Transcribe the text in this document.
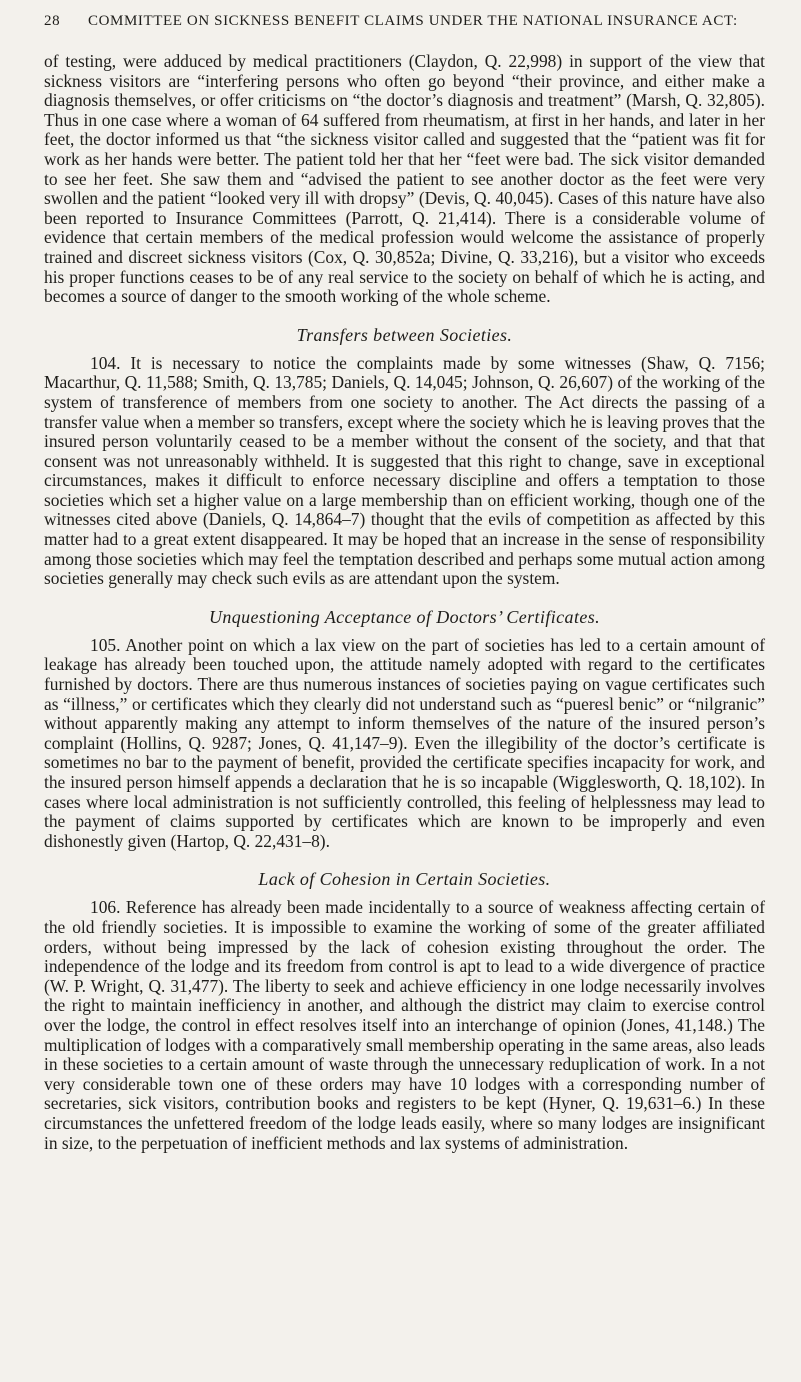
28 COMMITTEE ON SICKNESS BENEFIT CLAIMS UNDER THE NATIONAL INSURANCE ACT:

of testing, were adduced by medical practitioners (Claydon, Q. 22,998) in support of the view that sickness visitors are “interfering persons who often go beyond “their province, and either make a diagnosis themselves, or offer criticisms on “the doctor’s diagnosis and treatment” (Marsh, Q. 32,805). Thus in one case where a woman of 64 suffered from rheumatism, at first in her hands, and later in her feet, the doctor informed us that “the sickness visitor called and suggested that the “patient was fit for work as her hands were better. The patient told her that her “feet were bad. The sick visitor demanded to see her feet. She saw them and “advised the patient to see another doctor as the feet were very swollen and the patient “looked very ill with dropsy” (Devis, Q. 40,045). Cases of this nature have also been reported to Insurance Committees (Parrott, Q. 21,414). There is a considerable volume of evidence that certain members of the medical profession would welcome the assistance of properly trained and discreet sickness visitors (Cox, Q. 30,852a; Divine, Q. 33,216), but a visitor who exceeds his proper functions ceases to be of any real service to the society on behalf of which he is acting, and becomes a source of danger to the smooth working of the whole scheme.

Transfers between Societies.

104. It is necessary to notice the complaints made by some witnesses (Shaw, Q. 7156; Macarthur, Q. 11,588; Smith, Q. 13,785; Daniels, Q. 14,045; Johnson, Q. 26,607) of the working of the system of transference of members from one society to another. The Act directs the passing of a transfer value when a member so transfers, except where the society which he is leaving proves that the insured person voluntarily ceased to be a member without the consent of the society, and that that consent was not unreasonably withheld. It is suggested that this right to change, save in exceptional circumstances, makes it difficult to enforce necessary discipline and offers a temptation to those societies which set a higher value on a large membership than on efficient working, though one of the witnesses cited above (Daniels, Q. 14,864–7) thought that the evils of competition as affected by this matter had to a great extent disappeared. It may be hoped that an increase in the sense of responsibility among those societies which may feel the temptation described and perhaps some mutual action among societies generally may check such evils as are attendant upon the system.

Unquestioning Acceptance of Doctors’ Certificates.

105. Another point on which a lax view on the part of societies has led to a certain amount of leakage has already been touched upon, the attitude namely adopted with regard to the certificates furnished by doctors. There are thus numerous instances of societies paying on vague certificates such as “illness,” or certificates which they clearly did not understand such as “pueresl benic” or “nilgranic” without apparently making any attempt to inform themselves of the nature of the insured person’s complaint (Hollins, Q. 9287; Jones, Q. 41,147–9). Even the illegibility of the doctor’s certificate is sometimes no bar to the payment of benefit, provided the certificate specifies incapacity for work, and the insured person himself appends a declaration that he is so incapable (Wigglesworth, Q. 18,102). In cases where local administration is not sufficiently controlled, this feeling of helplessness may lead to the payment of claims supported by certificates which are known to be improperly and even dishonestly given (Hartop, Q. 22,431–8).

Lack of Cohesion in Certain Societies.

106. Reference has already been made incidentally to a source of weakness affecting certain of the old friendly societies. It is impossible to examine the working of some of the greater affiliated orders, without being impressed by the lack of cohesion existing throughout the order. The independence of the lodge and its freedom from control is apt to lead to a wide divergence of practice (W. P. Wright, Q. 31,477). The liberty to seek and achieve efficiency in one lodge necessarily involves the right to maintain inefficiency in another, and although the district may claim to exercise control over the lodge, the control in effect resolves itself into an interchange of opinion (Jones, 41,148.) The multiplication of lodges with a comparatively small membership operating in the same areas, also leads in these societies to a certain amount of waste through the unnecessary reduplication of work. In a not very considerable town one of these orders may have 10 lodges with a corresponding number of secretaries, sick visitors, contribution books and registers to be kept (Hyner, Q. 19,631–6.) In these circumstances the unfettered freedom of the lodge leads easily, where so many lodges are insignificant in size, to the perpetuation of inefficient methods and lax systems of administration.
